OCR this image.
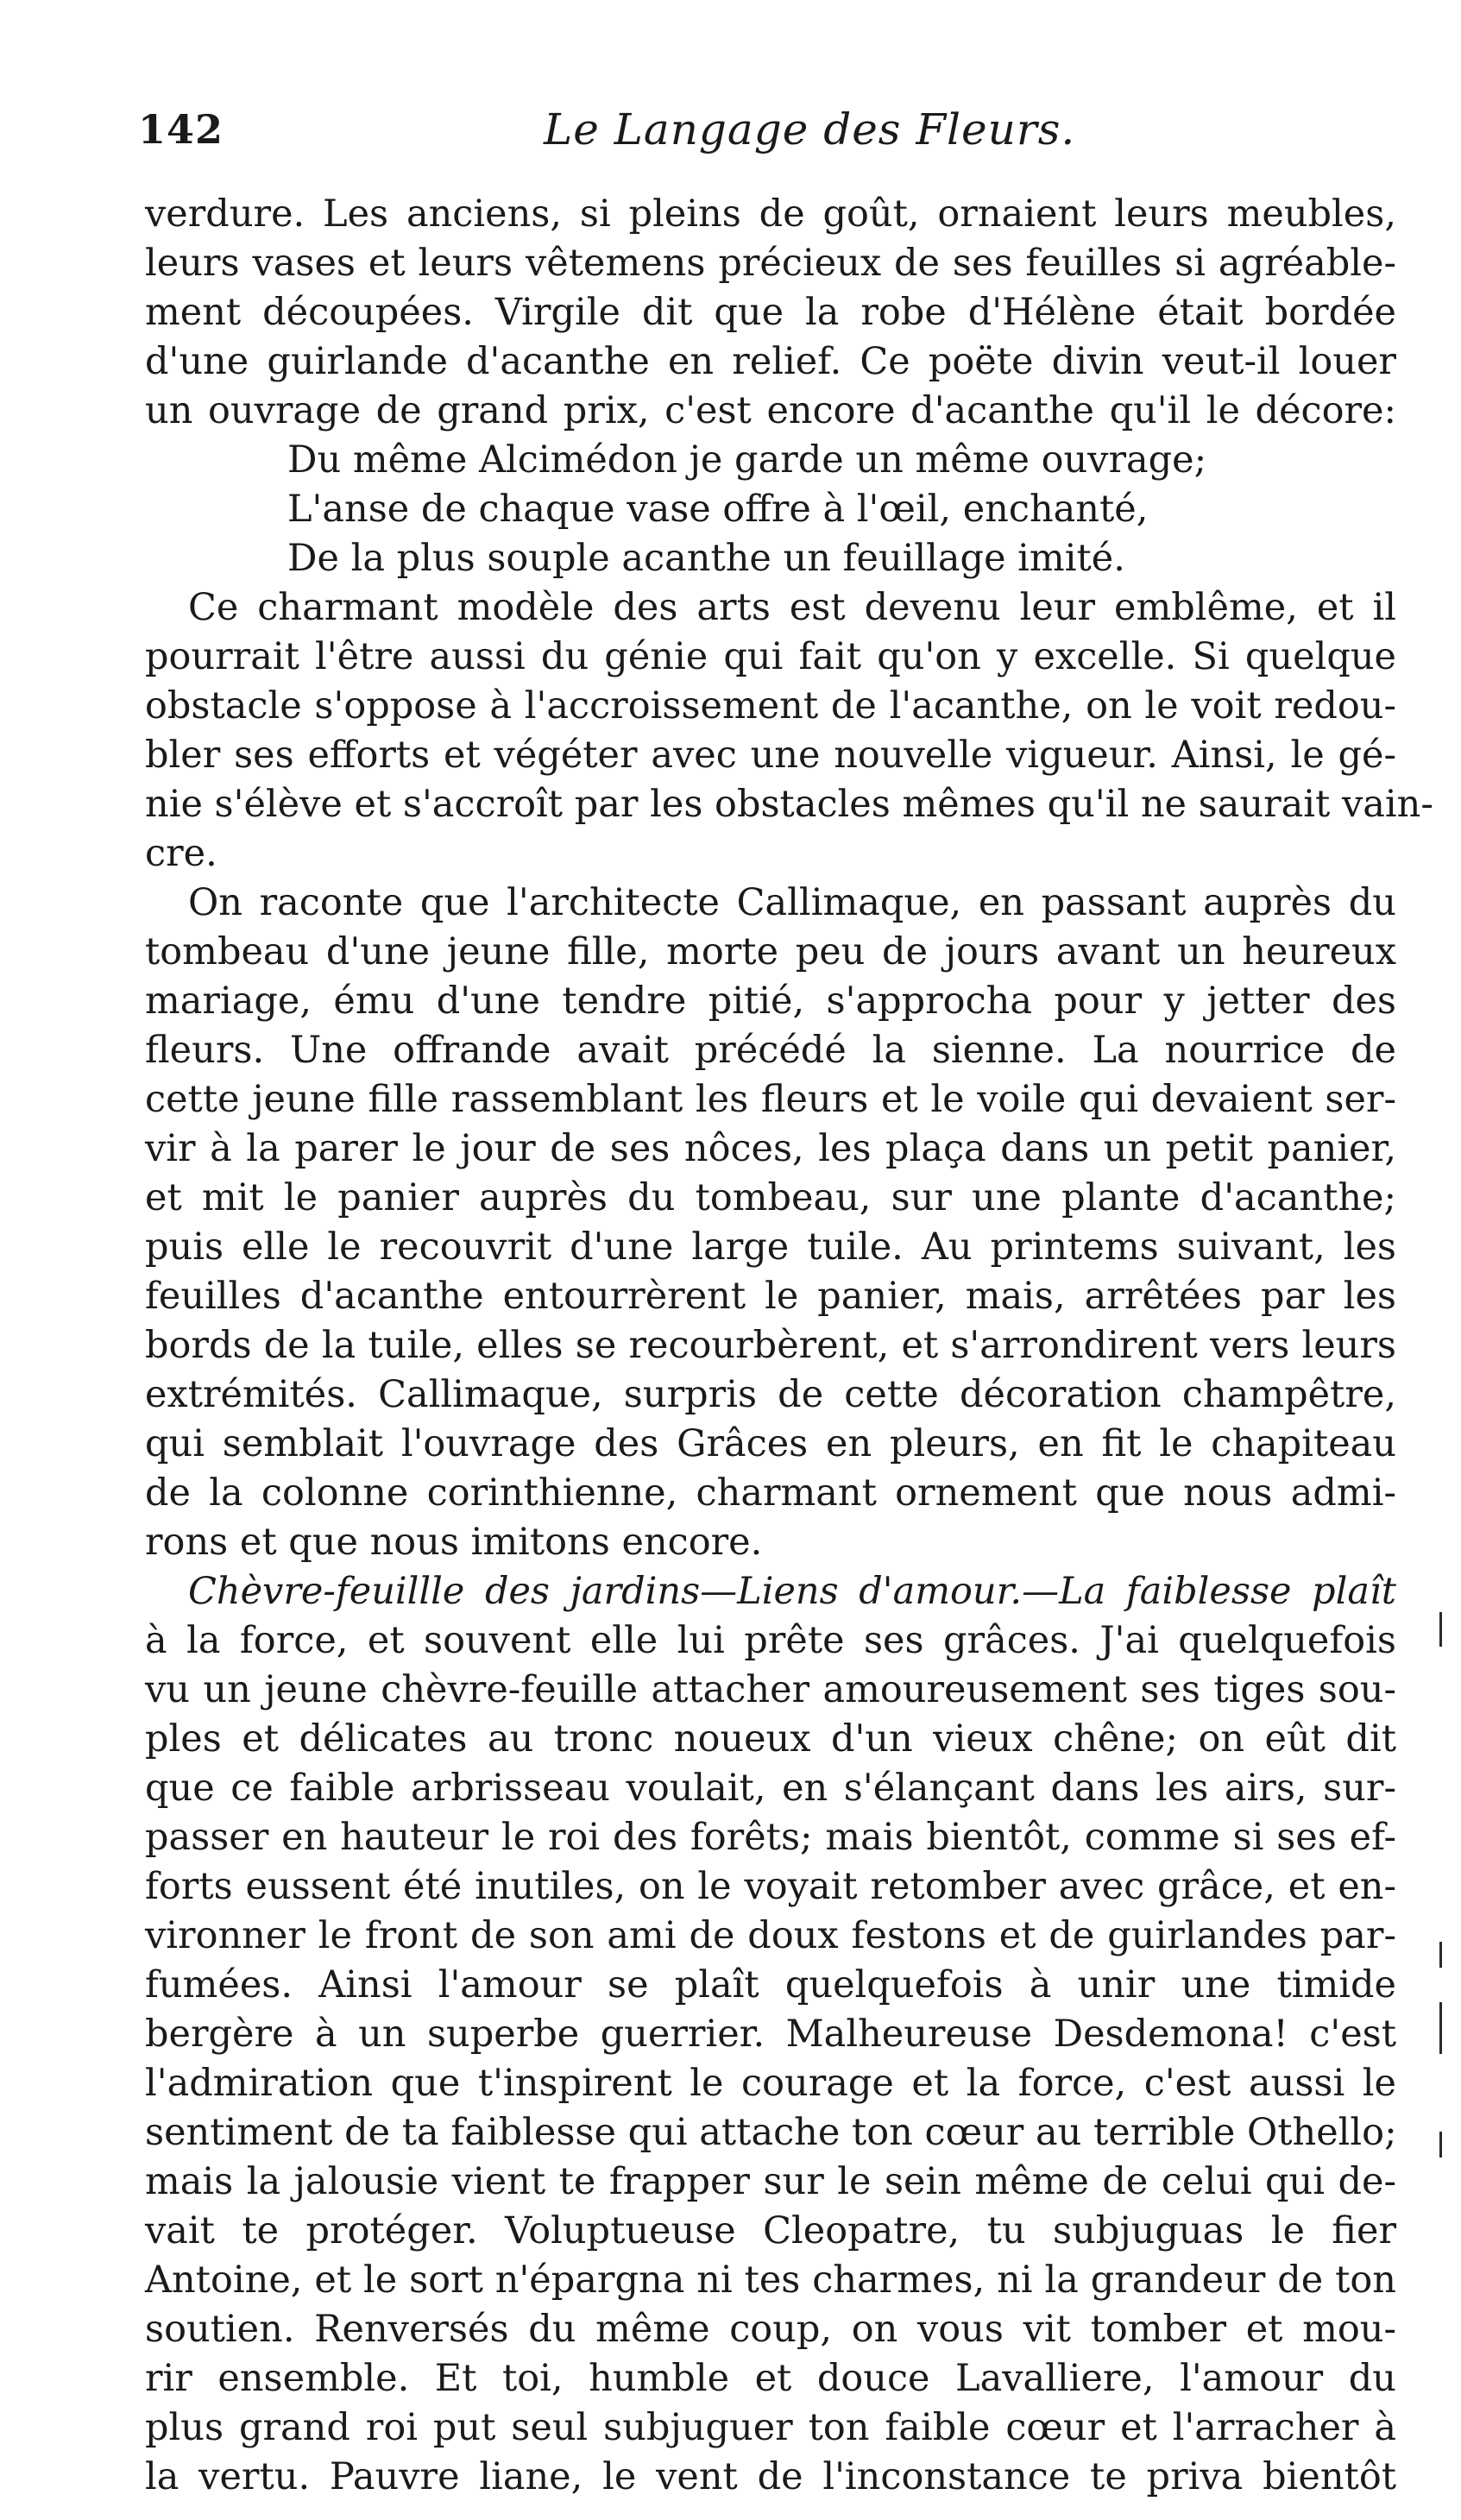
142	Le Langage des Fleurs.
verdure. Les anciens, si pleins de goût, ornaient leurs meubles,
leurs vases et leurs vêtemens précieux de ses feuilles si agréable-
ment découpées. Virgile dit que la robe d'Hélène était bordée
d'une guirlande d'acanthe en relief. Ce poëte divin veut-il louer
un ouvrage de grand prix, c'est encore d'acanthe qu'il le décore:
Du même Alcimédon je garde un même ouvrage;
L'anse de chaque vase offre à l'œil, enchanté,
De la plus souple acanthe un feuillage imité.
Ce charmant modèle des arts est devenu leur emblême, et il
pourrait l'être aussi du génie qui fait qu'on y excelle. Si quelque
obstacle s'oppose à l'accroissement de l'acanthe, on le voit redou-
bler ses efforts et végéter avec une nouvelle vigueur. Ainsi, le gé-
nie s'élève et s'accroît par les obstacles mêmes qu'il ne saurait vain-
cre.
On raconte que l'architecte Callimaque, en passant auprès du
tombeau d'une jeune fille, morte peu de jours avant un heureux
mariage, ému d'une tendre pitié, s'approcha pour y jetter des
fleurs. Une offrande avait précédé la sienne. La nourrice de
cette jeune fille rassemblant les fleurs et le voile qui devaient ser-
vir à la parer le jour de ses nôces, les plaça dans un petit panier,
et mit le panier auprès du tombeau, sur une plante d'acanthe;
puis elle le recouvrit d'une large tuile. Au printems suivant, les
feuilles d'acanthe entourrèrent le panier, mais, arrêtées par les
bords de la tuile, elles se recourbèrent, et s'arrondirent vers leurs
extrémités. Callimaque, surpris de cette décoration champêtre,
qui semblait l'ouvrage des Grâces en pleurs, en fit le chapiteau
de la colonne corinthienne, charmant ornement que nous admi-
rons et que nous imitons encore.
Chèvre-feuillle des jardins—Liens d'amour.—La faiblesse plaît
à la force, et souvent elle lui prête ses grâces. J'ai quelquefois
vu un jeune chèvre-feuille attacher amoureusement ses tiges sou-
ples et délicates au tronc noueux d'un vieux chêne; on eût dit
que ce faible arbrisseau voulait, en s'élançant dans les airs, sur-
passer en hauteur le roi des forêts; mais bientôt, comme si ses ef-
forts eussent été inutiles, on le voyait retomber avec grâce, et en-
vironner le front de son ami de doux festons et de guirlandes par-
fumées. Ainsi l'amour se plaît quelquefois à unir une timide
bergère à un superbe guerrier. Malheureuse Desdemona! c'est
l'admiration que t'inspirent le courage et la force, c'est aussi le
sentiment de ta faiblesse qui attache ton cœur au terrible Othello;
mais la jalousie vient te frapper sur le sein même de celui qui de-
vait te protéger. Voluptueuse Cleopatre, tu subjuguas le fier
Antoine, et le sort n'épargna ni tes charmes, ni la grandeur de ton
soutien. Renversés du même coup, on vous vit tomber et mou-
rir ensemble. Et toi, humble et douce Lavalliere, l'amour du
plus grand roi put seul subjuguer ton faible cœur et l'arracher à
la vertu. Pauvre liane, le vent de l'inconstance te priva bientôt
